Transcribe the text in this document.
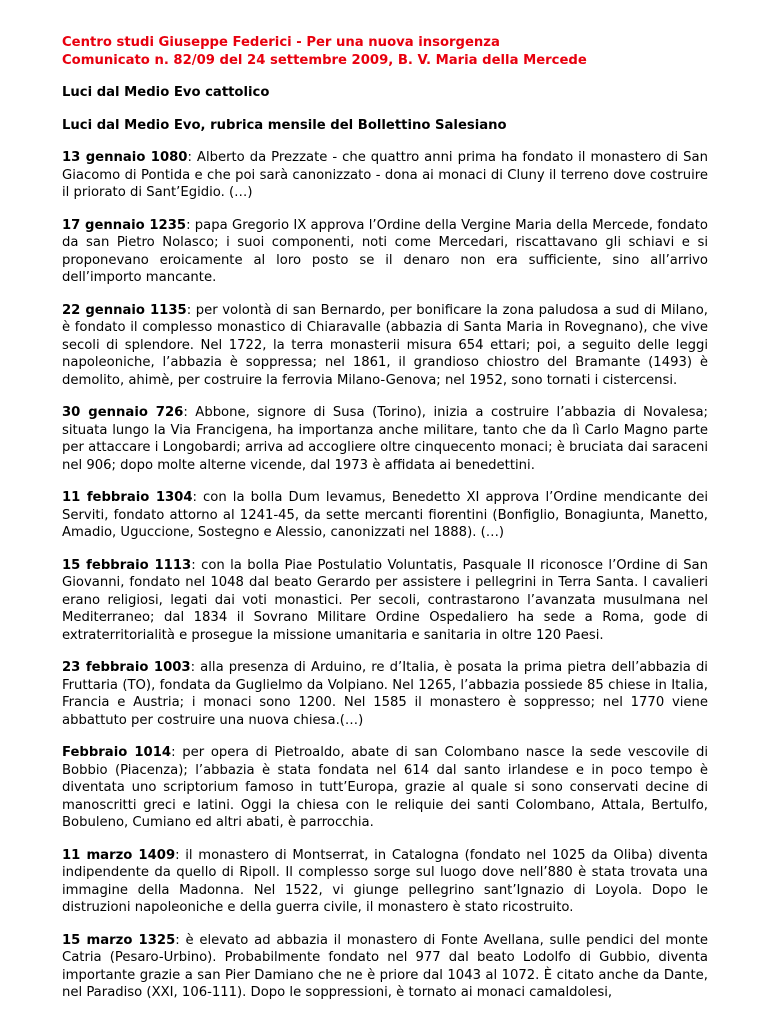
Centro studi Giuseppe Federici - Per una nuova insorgenza
Comunicato n. 82/09 del 24 settembre 2009, B. V. Maria della Mercede
Luci dal Medio Evo cattolico
Luci dal Medio Evo, rubrica mensile del Bollettino Salesiano
13 gennaio 1080: Alberto da Prezzate - che quattro anni prima ha fondato il monastero di San Giacomo di Pontida e che poi sarà canonizzato - dona ai monaci di Cluny il terreno dove costruire il priorato di Sant’Egidio. (…)
17 gennaio 1235: papa Gregorio IX approva l’Ordine della Vergine Maria della Mercede, fondato da san Pietro Nolasco; i suoi componenti, noti come Mercedari, riscattavano gli schiavi e si proponevano eroicamente al loro posto se il denaro non era sufficiente, sino all’arrivo dell’importo mancante.
22 gennaio 1135: per volontà di san Bernardo, per bonificare la zona paludosa a sud di Milano, è fondato il complesso monastico di Chiaravalle (abbazia di Santa Maria in Rovegnano), che vive secoli di splendore. Nel 1722, la terra monasterii misura 654 ettari; poi, a seguito delle leggi napoleoniche, l’abbazia è soppressa; nel 1861, il grandioso chiostro del Bramante (1493) è demolito, ahimè, per costruire la ferrovia Milano-Genova; nel 1952, sono tornati i cistercensi.
30 gennaio 726: Abbone, signore di Susa (Torino), inizia a costruire l’abbazia di Novalesa; situata lungo la Via Francigena, ha importanza anche militare, tanto che da lì Carlo Magno parte per attaccare i Longobardi; arriva ad accogliere oltre cinquecento monaci; è bruciata dai saraceni nel 906; dopo molte alterne vicende, dal 1973 è affidata ai benedettini.
11 febbraio 1304: con la bolla Dum levamus, Benedetto XI approva l’Ordine mendicante dei Serviti, fondato attorno al 1241-45, da sette mercanti fiorentini (Bonfiglio, Bonagiunta, Manetto, Amadio, Uguccione, Sostegno e Alessio, canonizzati nel 1888). (…)
15 febbraio 1113: con la bolla Piae Postulatio Voluntatis, Pasquale II riconosce l’Ordine di San Giovanni, fondato nel 1048 dal beato Gerardo per assistere i pellegrini in Terra Santa. I cavalieri erano religiosi, legati dai voti monastici. Per secoli, contrastarono l’avanzata musulmana nel Mediterraneo; dal 1834 il Sovrano Militare Ordine Ospedaliero ha sede a Roma, gode di extraterritorialità e prosegue la missione umanitaria e sanitaria in oltre 120 Paesi.
23 febbraio 1003: alla presenza di Arduino, re d’Italia, è posata la prima pietra dell’abbazia di Fruttaria (TO), fondata da Guglielmo da Volpiano. Nel 1265, l’abbazia possiede 85 chiese in Italia, Francia e Austria; i monaci sono 1200. Nel 1585 il monastero è soppresso; nel 1770 viene abbattuto per costruire una nuova chiesa.(…)
Febbraio 1014: per opera di Pietroaldo, abate di san Colombano nasce la sede vescovile di Bobbio (Piacenza); l’abbazia è stata fondata nel 614 dal santo irlandese e in poco tempo è diventata uno scriptorium famoso in tutt’Europa, grazie al quale si sono conservati decine di manoscritti greci e latini. Oggi la chiesa con le reliquie dei santi Colombano, Attala, Bertulfo, Bobuleno, Cumiano ed altri abati, è parrocchia.
11 marzo 1409: il monastero di Montserrat, in Catalogna (fondato nel 1025 da Oliba) diventa indipendente da quello di Ripoll. Il complesso sorge sul luogo dove nell’880 è stata trovata una immagine della Madonna. Nel 1522, vi giunge pellegrino sant’Ignazio di Loyola. Dopo le distruzioni napoleoniche e della guerra civile, il monastero è stato ricostruito.
15 marzo 1325: è elevato ad abbazia il monastero di Fonte Avellana, sulle pendici del monte Catria (Pesaro-Urbino). Probabilmente fondato nel 977 dal beato Lodolfo di Gubbio, diventa importante grazie a san Pier Damiano che ne è priore dal 1043 al 1072. È citato anche da Dante, nel Paradiso (XXI, 106-111). Dopo le soppressioni, è tornato ai monaci camaldolesi,
